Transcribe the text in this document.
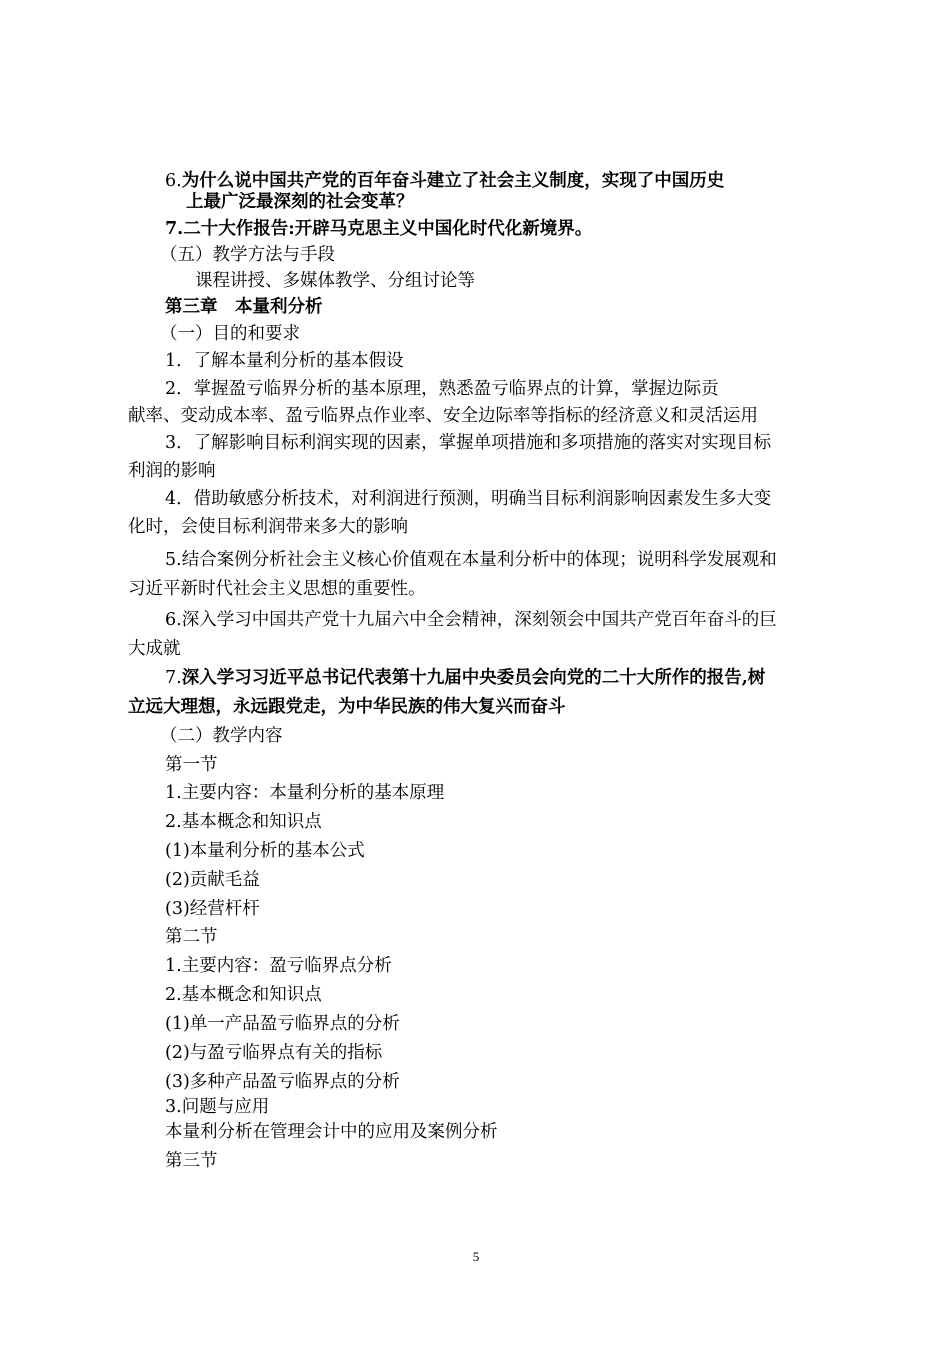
6.为什么说中国共产党的百年奋斗建立了社会主义制度，实现了中国历史
上最广泛最深刻的社会变革？
7.二十大作报告:开辟马克思主义中国化时代化新境界。
（五）教学方法与手段
课程讲授、多媒体教学、分组讨论等
第三章　本量利分析
（一）目的和要求
1．了解本量利分析的基本假设
2．掌握盈亏临界分析的基本原理，熟悉盈亏临界点的计算，掌握边际贡
献率、变动成本率、盈亏临界点作业率、安全边际率等指标的经济意义和灵活运用
3．了解影响目标利润实现的因素，掌握单项措施和多项措施的落实对实现目标
利润的影响
4．借助敏感分析技术，对利润进行预测，明确当目标利润影响因素发生多大变
化时，会使目标利润带来多大的影响
5.结合案例分析社会主义核心价值观在本量利分析中的体现；说明科学发展观和
习近平新时代社会主义思想的重要性。
6.深入学习中国共产党十九届六中全会精神，深刻领会中国共产党百年奋斗的巨
大成就
7.深入学习习近平总书记代表第十九届中央委员会向党的二十大所作的报告,树
立远大理想，永远跟党走，为中华民族的伟大复兴而奋斗
（二）教学内容
第一节
1.主要内容：本量利分析的基本原理
2.基本概念和知识点
(1)本量利分析的基本公式
(2)贡献毛益
(3)经营杆杆
第二节
1.主要内容：盈亏临界点分析
2.基本概念和知识点
(1)单一产品盈亏临界点的分析
(2)与盈亏临界点有关的指标
(3)多种产品盈亏临界点的分析
3.问题与应用
本量利分析在管理会计中的应用及案例分析
第三节
5
